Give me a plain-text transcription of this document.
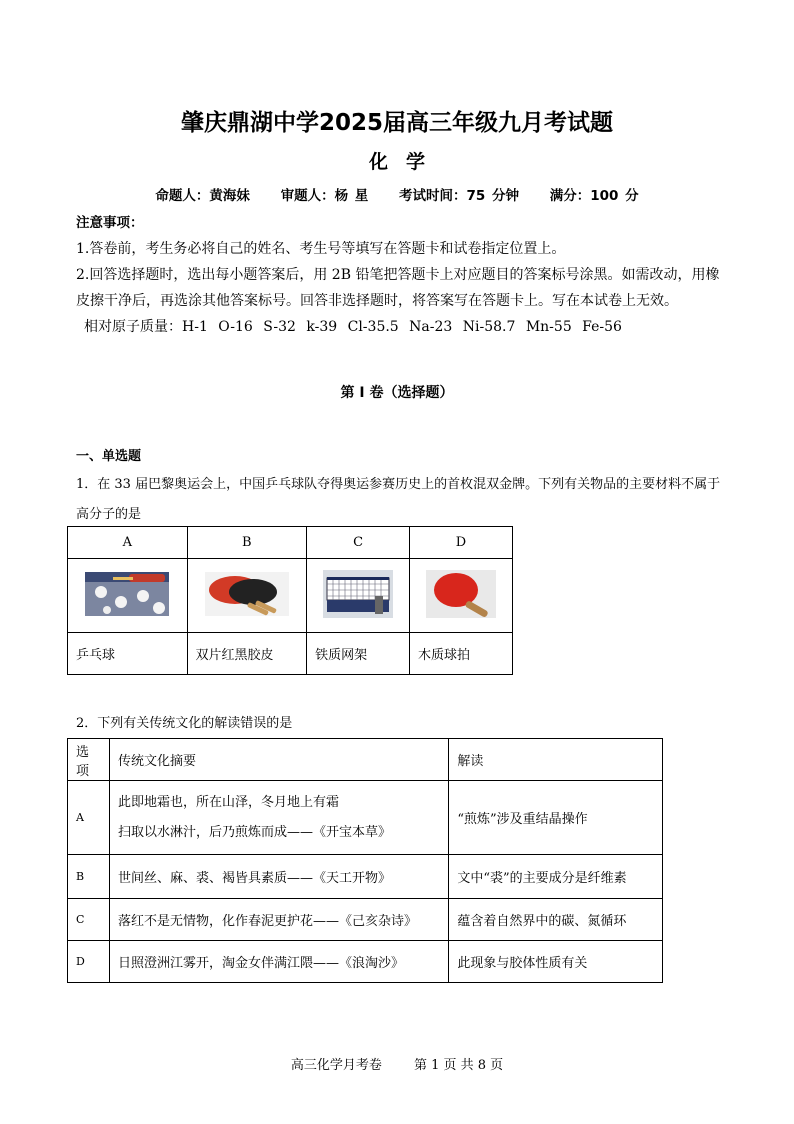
肇庆鼎湖中学2025届高三年级九月考试题
化学
命题人：黄海妹 审题人：杨 星 考试时间：75 分钟 满分：100 分
注意事项：
1.答卷前，考生务必将自己的姓名、考生号等填写在答题卡和试卷指定位置上。
2.回答选择题时，选出每小题答案后，用 2B 铅笔把答题卡上对应题目的答案标号涂黑。如需改动，用橡皮擦干净后，再选涂其他答案标号。回答非选择题时，将答案写在答题卡上。写在本试卷上无效。
相对原子质量：H-1 O-16 S-32 k-39 Cl-35.5 Na-23 Ni-58.7 Mn-55 Fe-56
第 I 卷（选择题）
一、单选题
1．在 33 届巴黎奥运会上，中国乒乓球队夺得奥运参赛历史上的首枚混双金牌。下列有关物品的主要材料不属于高分子的是
A	B	C	D

乒乓球	双片红黑胶皮	铁质网架	木质球拍
2．下列有关传统文化的解读错误的是
选项	传统文化摘要	解读
A	此即地霜也，所在山泽，冬月地上有霜
扫取以水淋汁，后乃煎炼而成——《开宝本草》	“煎炼”涉及重结晶操作
B	世间丝、麻、裘、褐皆具素质——《天工开物》	文中“裘”的主要成分是纤维素
C	落红不是无情物，化作春泥更护花——《己亥杂诗》	蕴含着自然界中的碳、氮循环
D	日照澄洲江雾开，淘金女伴满江隈——《浪淘沙》	此现象与胶体性质有关
高三化学月考卷 第 1 页 共 8 页
